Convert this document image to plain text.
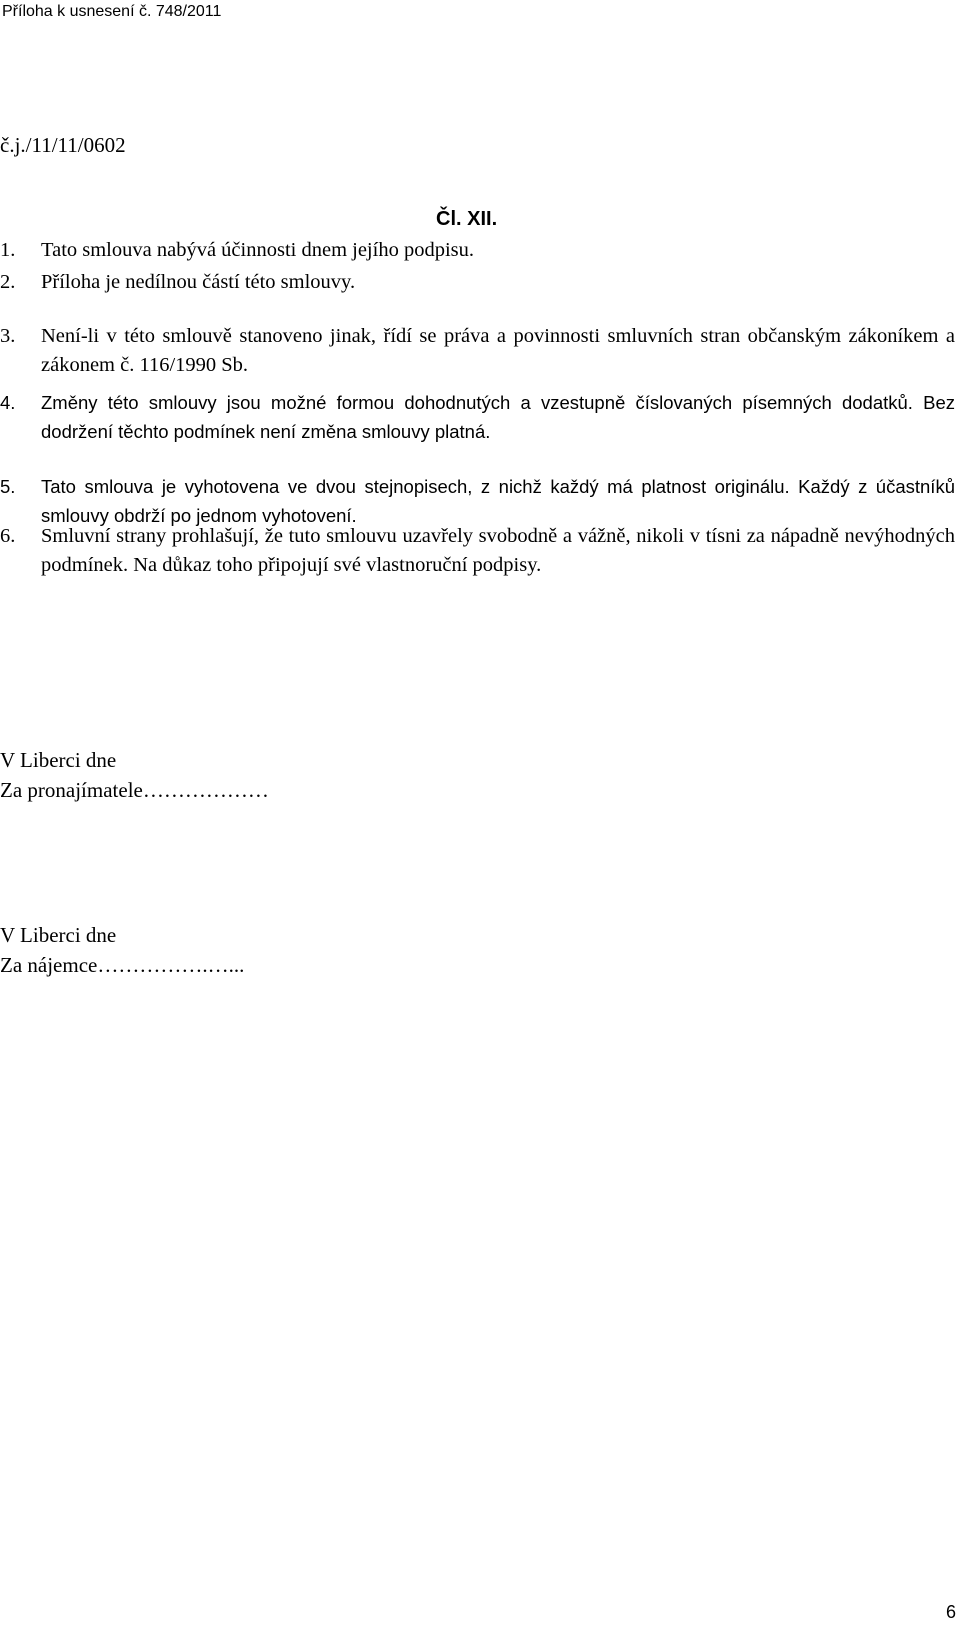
Příloha k usnesení č. 748/2011
č.j./11/11/0602
Čl. XII.
1. Tato smlouva nabývá účinnosti dnem jejího podpisu.
2. Příloha je nedílnou částí této smlouvy.
3. Není-li v této smlouvě stanoveno jinak, řídí se práva a povinnosti smluvních stran občanským zákoníkem a zákonem č. 116/1990 Sb.
4. Změny této smlouvy jsou možné formou dohodnutých a vzestupně číslovaných písemných dodatků. Bez dodržení těchto podmínek není změna smlouvy platná.
5. Tato smlouva je vyhotovena ve dvou stejnopisech, z nichž každý má platnost originálu. Každý z účastníků smlouvy obdrží po jednom vyhotovení.
6. Smluvní strany prohlašují, že tuto smlouvu uzavřely svobodně a vážně, nikoli v tísni za nápadně nevýhodných podmínek. Na důkaz toho připojují své vlastnoruční podpisy.
V Liberci dne
Za pronajímatele………………
V Liberci dne
Za nájemce…………….…...
6
